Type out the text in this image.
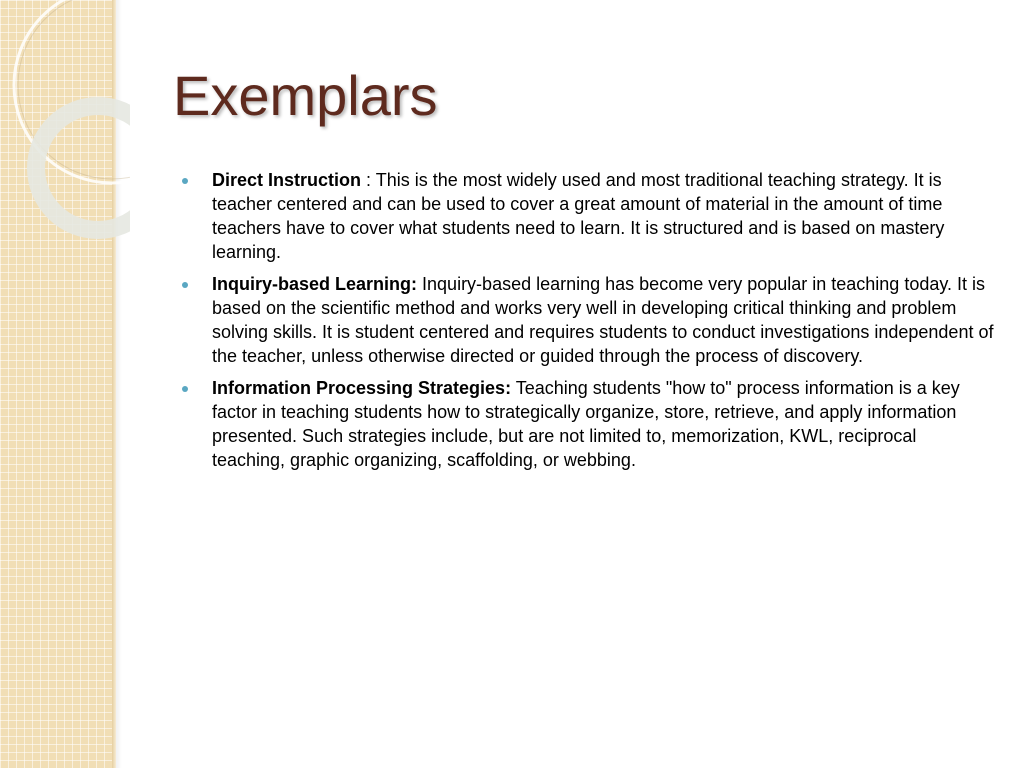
Exemplars
Direct Instruction : This is the most widely used and most traditional teaching strategy. It is teacher centered and can be used to cover a great amount of material in the amount of time teachers have to cover what students need to learn. It is structured and is based on mastery learning.
Inquiry-based Learning: Inquiry-based learning has become very popular in teaching today. It is based on the scientific method and works very well in developing critical thinking and problem solving skills. It is student centered and requires students to conduct investigations independent of the teacher, unless otherwise directed or guided through the process of discovery.
Information Processing Strategies: Teaching students "how to" process information is a key factor in teaching students how to strategically organize, store, retrieve, and apply information presented. Such strategies include, but are not limited to, memorization, KWL, reciprocal teaching, graphic organizing, scaffolding, or webbing.
